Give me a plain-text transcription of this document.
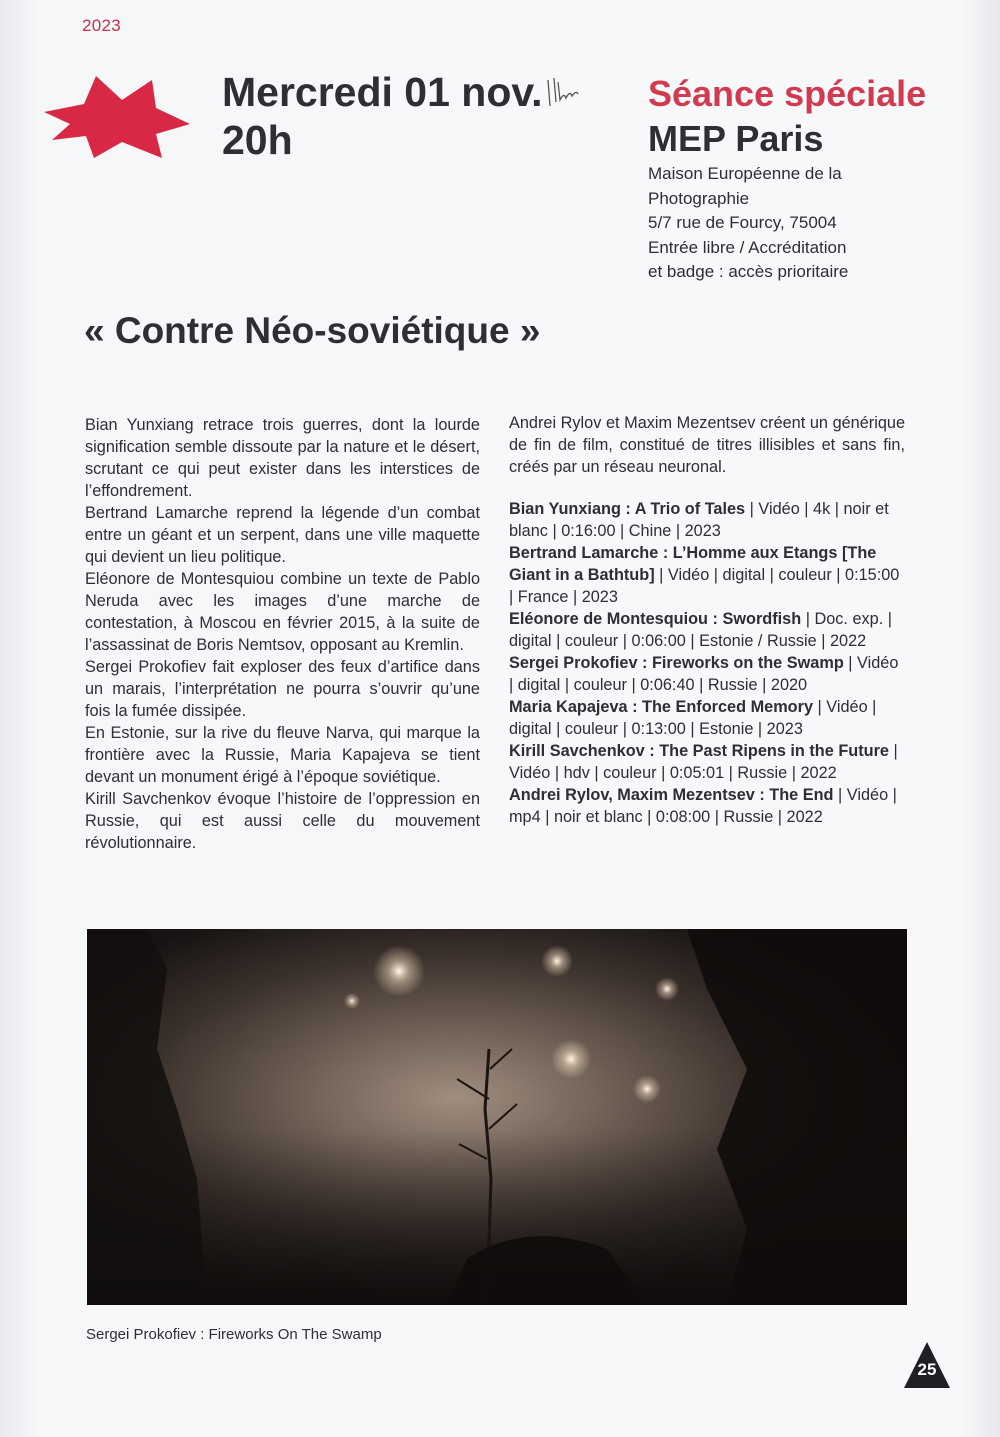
2023
Mercredi 01 nov.
20h
Séance spéciale
MEP Paris
Maison Européenne de la
Photographie
5/7 rue de Fourcy, 75004
Entrée libre / Accréditation
et badge : accès prioritaire
« Contre Néo-soviétique »

Bian Yunxiang retrace trois guerres, dont la lourde signification semble dissoute par la nature et le désert, scrutant ce qui peut exister dans les interstices de l’effondrement.

Bertrand Lamarche reprend la légende d’un combat entre un géant et un serpent, dans une ville maquette qui devient un lieu politique.

Eléonore de Montesquiou combine un texte de Pablo Neruda avec les images d’une marche de contestation, à Moscou en février 2015, à la suite de l’assassinat de Boris Nemtsov, opposant au Kremlin.

Sergei Prokofiev fait exploser des feux d’artifice dans un marais, l’interprétation ne pourra s’ouvrir qu’une fois la fumée dissipée.

En Estonie, sur la rive du fleuve Narva, qui marque la frontière avec la Russie, Maria Kapajeva se tient devant un monument érigé à l’époque soviétique.

Kirill Savchenkov évoque l’histoire de l’oppression en Russie, qui est aussi celle du mouvement révolutionnaire.

Andrei Rylov et Maxim Mezentsev créent un générique de fin de film, constitué de titres illisibles et sans fin, créés par un réseau neuronal.

Bian Yunxiang : A Trio of Tales | Vidéo | 4k | noir et blanc | 0:16:00 | Chine | 2023

Bertrand Lamarche : L’Homme aux Etangs [The Giant in a Bathtub] | Vidéo | digital | couleur | 0:15:00 | France | 2023

Eléonore de Montesquiou : Swordfish | Doc. exp. | digital | couleur | 0:06:00 | Estonie / Russie | 2022

Sergei Prokofiev : Fireworks on the Swamp | Vidéo | digital | couleur | 0:06:40 | Russie | 2020

Maria Kapajeva : The Enforced Memory | Vidéo | digital | couleur | 0:13:00 | Estonie | 2023

Kirill Savchenkov : The Past Ripens in the Future | Vidéo | hdv | couleur | 0:05:01 | Russie | 2022

Andrei Rylov, Maxim Mezentsev : The End | Vidéo | mp4 | noir et blanc | 0:08:00 | Russie | 2022

Sergei Prokofiev : Fireworks On The Swamp
25
